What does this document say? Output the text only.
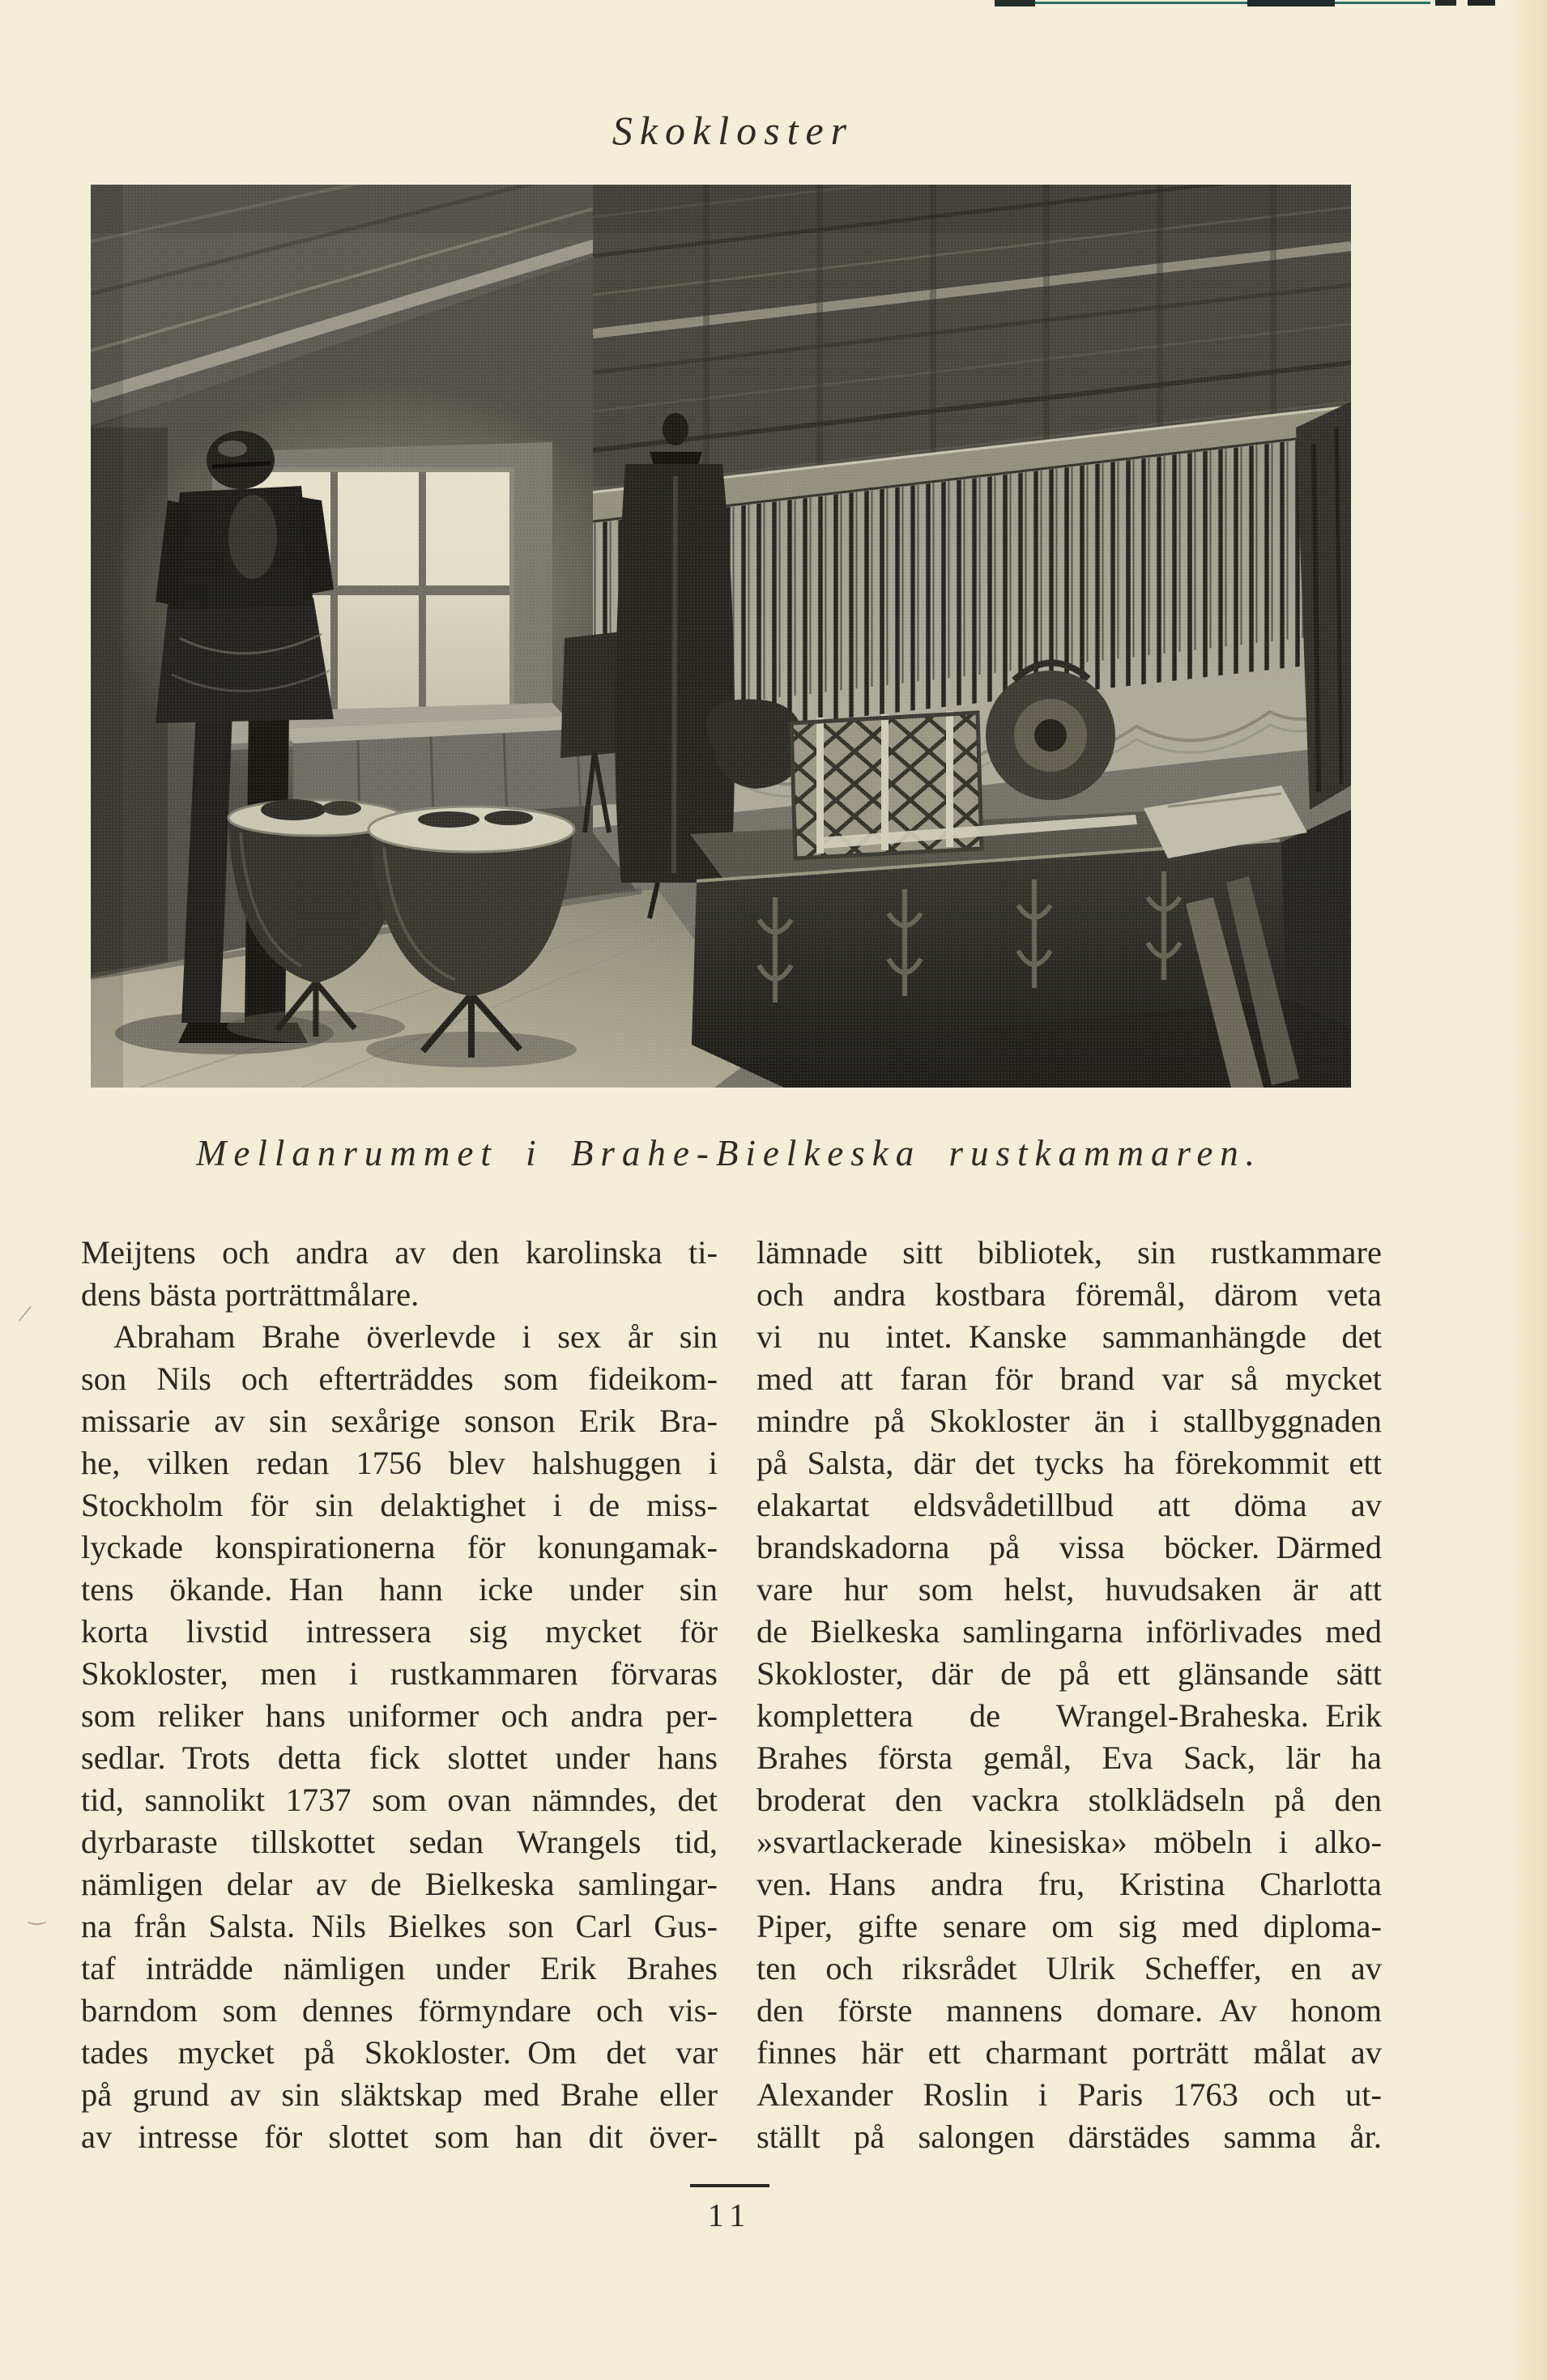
Skokloster
Mellanrummet i Brahe-Bielkeska rustkammaren.
Meijtens och andra av den karolinska ti-
dens bästa porträttmålare.
Abraham Brahe överlevde i sex år sin
son Nils och efterträddes som fideikom-
missarie av sin sexårige sonson Erik Bra-
he, vilken redan 1756 blev halshuggen i
Stockholm för sin delaktighet i de miss-
lyckade konspirationerna för konungamak-
tens ökande. Han hann icke under sin
korta livstid intressera sig mycket för
Skokloster, men i rustkammaren förvaras
som reliker hans uniformer och andra per-
sedlar. Trots detta fick slottet under hans
tid, sannolikt 1737 som ovan nämndes, det
dyrbaraste tillskottet sedan Wrangels tid,
nämligen delar av de Bielkeska samlingar-
na från Salsta. Nils Bielkes son Carl Gus-
taf inträdde nämligen under Erik Brahes
barndom som dennes förmyndare och vis-
tades mycket på Skokloster. Om det var
på grund av sin släktskap med Brahe eller
av intresse för slottet som han dit över-
lämnade sitt bibliotek, sin rustkammare
och andra kostbara föremål, därom veta
vi nu intet. Kanske sammanhängde det
med att faran för brand var så mycket
mindre på Skokloster än i stallbyggnaden
på Salsta, där det tycks ha förekommit ett
elakartat eldsvådetillbud att döma av
brandskadorna på vissa böcker. Därmed
vare hur som helst, huvudsaken är att
de Bielkeska samlingarna införlivades med
Skokloster, där de på ett glänsande sätt
komplettera de Wrangel-Braheska. Erik
Brahes första gemål, Eva Sack, lär ha
broderat den vackra stolklädseln på den
»svartlackerade kinesiska» möbeln i alko-
ven. Hans andra fru, Kristina Charlotta
Piper, gifte senare om sig med diploma-
ten och riksrådet Ulrik Scheffer, en av
den förste mannens domare. Av honom
finnes här ett charmant porträtt målat av
Alexander Roslin i Paris 1763 och ut-
ställt på salongen därstädes samma år.
11
/
‿
